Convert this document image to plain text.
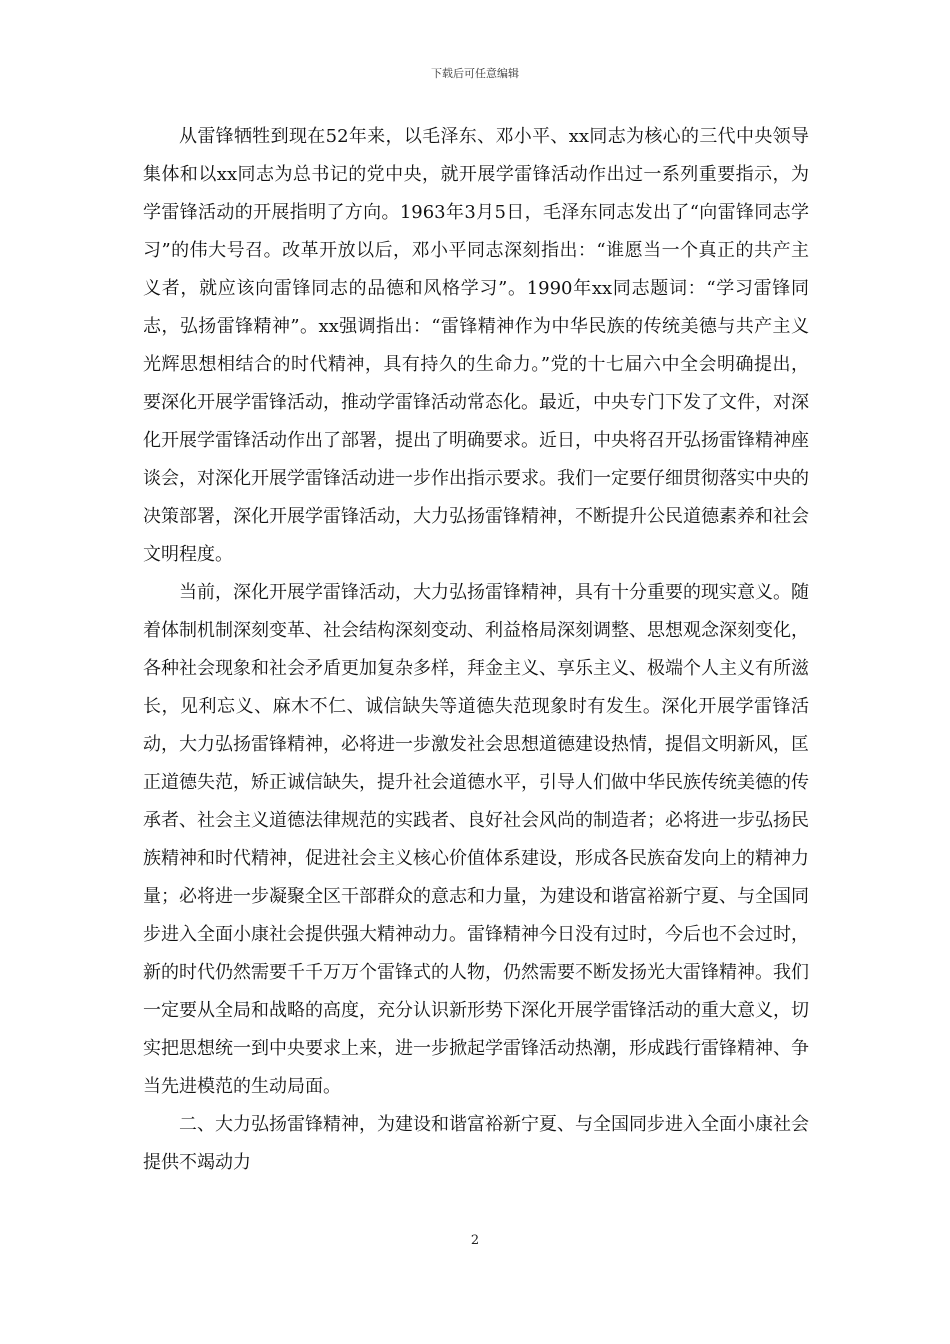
下载后可任意编辑

从雷锋牺牲到现在52年来，以毛泽东、邓小平、xx同志为核心的三代中央领导集体和以xx同志为总书记的党中央，就开展学雷锋活动作出过一系列重要指示，为学雷锋活动的开展指明了方向。1963年3月5日，毛泽东同志发出了“向雷锋同志学习”的伟大号召。改革开放以后，邓小平同志深刻指出：“谁愿当一个真正的共产主义者，就应该向雷锋同志的品德和风格学习”。1990年xx同志题词：“学习雷锋同志，弘扬雷锋精神”。xx强调指出：“雷锋精神作为中华民族的传统美德与共产主义光辉思想相结合的时代精神，具有持久的生命力。”党的十七届六中全会明确提出，要深化开展学雷锋活动，推动学雷锋活动常态化。最近，中央专门下发了文件，对深化开展学雷锋活动作出了部署，提出了明确要求。近日，中央将召开弘扬雷锋精神座谈会，对深化开展学雷锋活动进一步作出指示要求。我们一定要仔细贯彻落实中央的决策部署，深化开展学雷锋活动，大力弘扬雷锋精神，不断提升公民道德素养和社会文明程度。

当前，深化开展学雷锋活动，大力弘扬雷锋精神，具有十分重要的现实意义。随着体制机制深刻变革、社会结构深刻变动、利益格局深刻调整、思想观念深刻变化，各种社会现象和社会矛盾更加复杂多样，拜金主义、享乐主义、极端个人主义有所滋长，见利忘义、麻木不仁、诚信缺失等道德失范现象时有发生。深化开展学雷锋活动，大力弘扬雷锋精神，必将进一步激发社会思想道德建设热情，提倡文明新风，匡正道德失范，矫正诚信缺失，提升社会道德水平，引导人们做中华民族传统美德的传承者、社会主义道德法律规范的实践者、良好社会风尚的制造者；必将进一步弘扬民族精神和时代精神，促进社会主义核心价值体系建设，形成各民族奋发向上的精神力量；必将进一步凝聚全区干部群众的意志和力量，为建设和谐富裕新宁夏、与全国同步进入全面小康社会提供强大精神动力。雷锋精神今日没有过时，今后也不会过时，新的时代仍然需要千千万万个雷锋式的人物，仍然需要不断发扬光大雷锋精神。我们一定要从全局和战略的高度，充分认识新形势下深化开展学雷锋活动的重大意义，切实把思想统一到中央要求上来，进一步掀起学雷锋活动热潮，形成践行雷锋精神、争当先进模范的生动局面。

二、大力弘扬雷锋精神，为建设和谐富裕新宁夏、与全国同步进入全面小康社会提供不竭动力

2
